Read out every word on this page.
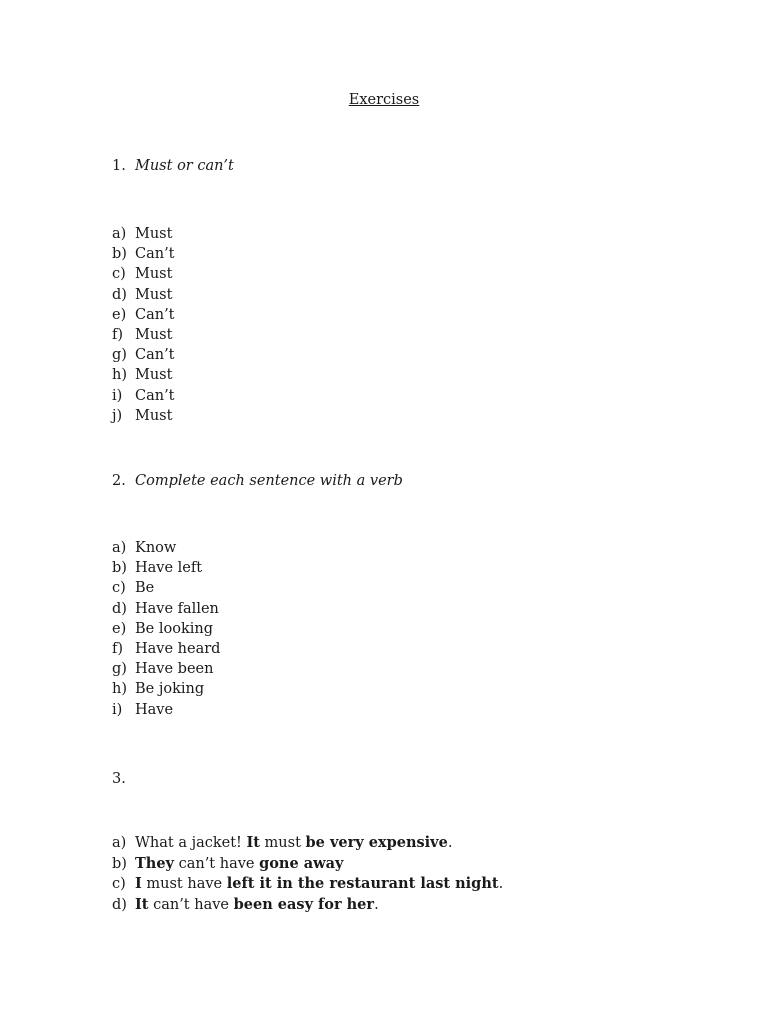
Exercises
1. Must or can’t
a) Must
b) Can’t
c) Must
d) Must
e) Can’t
f) Must
g) Can’t
h) Must
i) Can’t
j) Must
2. Complete each sentence with a verb
a) Know
b) Have left
c) Be
d) Have fallen
e) Be looking
f) Have heard
g) Have been
h) Be joking
i) Have
3.
a) What a jacket! It must be very expensive.
b) They can’t have gone away
c) I must have left it in the restaurant last night.
d) It can’t have been easy for her.
